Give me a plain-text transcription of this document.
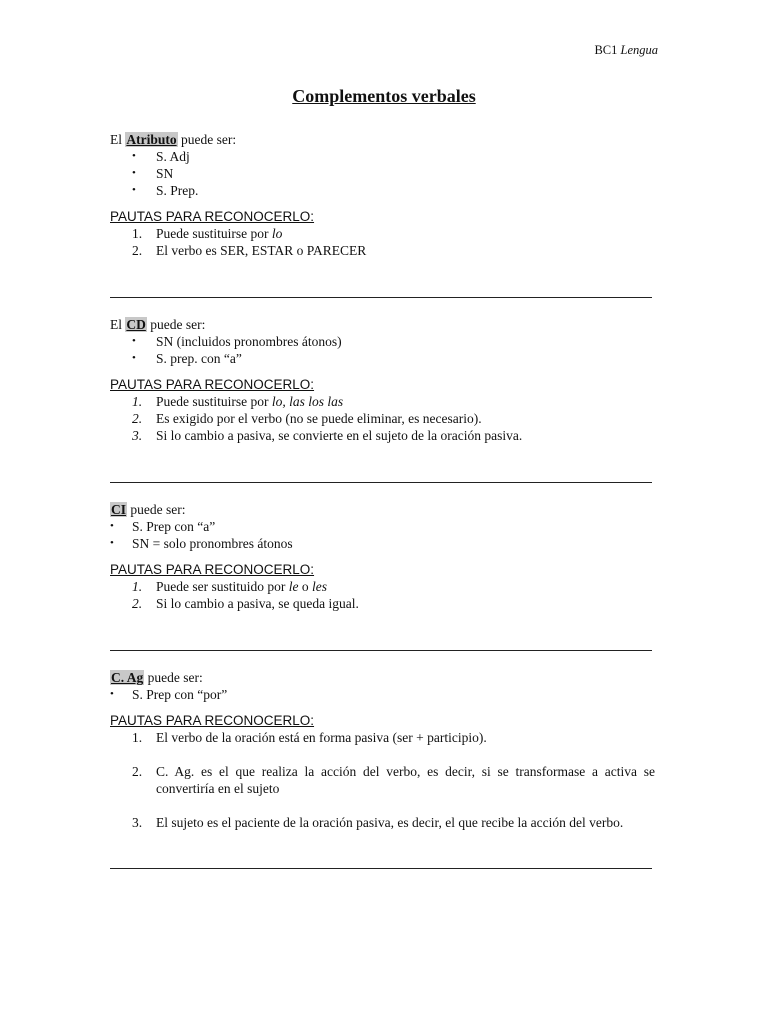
BC1 Lengua
Complementos verbales
El Atributo puede ser:
• S. Adj
• SN
• S. Prep.
PAUTAS PARA RECONOCERLO:
1. Puede sustituirse por lo
2. El verbo es SER, ESTAR o PARECER
El CD puede ser:
• SN (incluidos pronombres átonos)
• S. prep. con “a”
PAUTAS PARA RECONOCERLO:
1. Puede sustituirse por lo, las los las
2. Es exigido por el verbo (no se puede eliminar, es necesario).
3. Si lo cambio a pasiva, se convierte en el sujeto de la oración pasiva.
CI puede ser:
• S. Prep con “a”
• SN = solo pronombres átonos
PAUTAS PARA RECONOCERLO:
1. Puede ser sustituido por le o les
2. Si lo cambio a pasiva, se queda igual.
C. Ag puede ser:
• S. Prep con “por”
PAUTAS PARA RECONOCERLO:
1. El verbo de la oración está en forma pasiva (ser + participio).
2. C. Ag. es el que realiza la acción del verbo, es decir, si se transformase a activa se convertiría en el sujeto
3. El sujeto es el paciente de la oración pasiva, es decir, el que recibe la acción del verbo.
